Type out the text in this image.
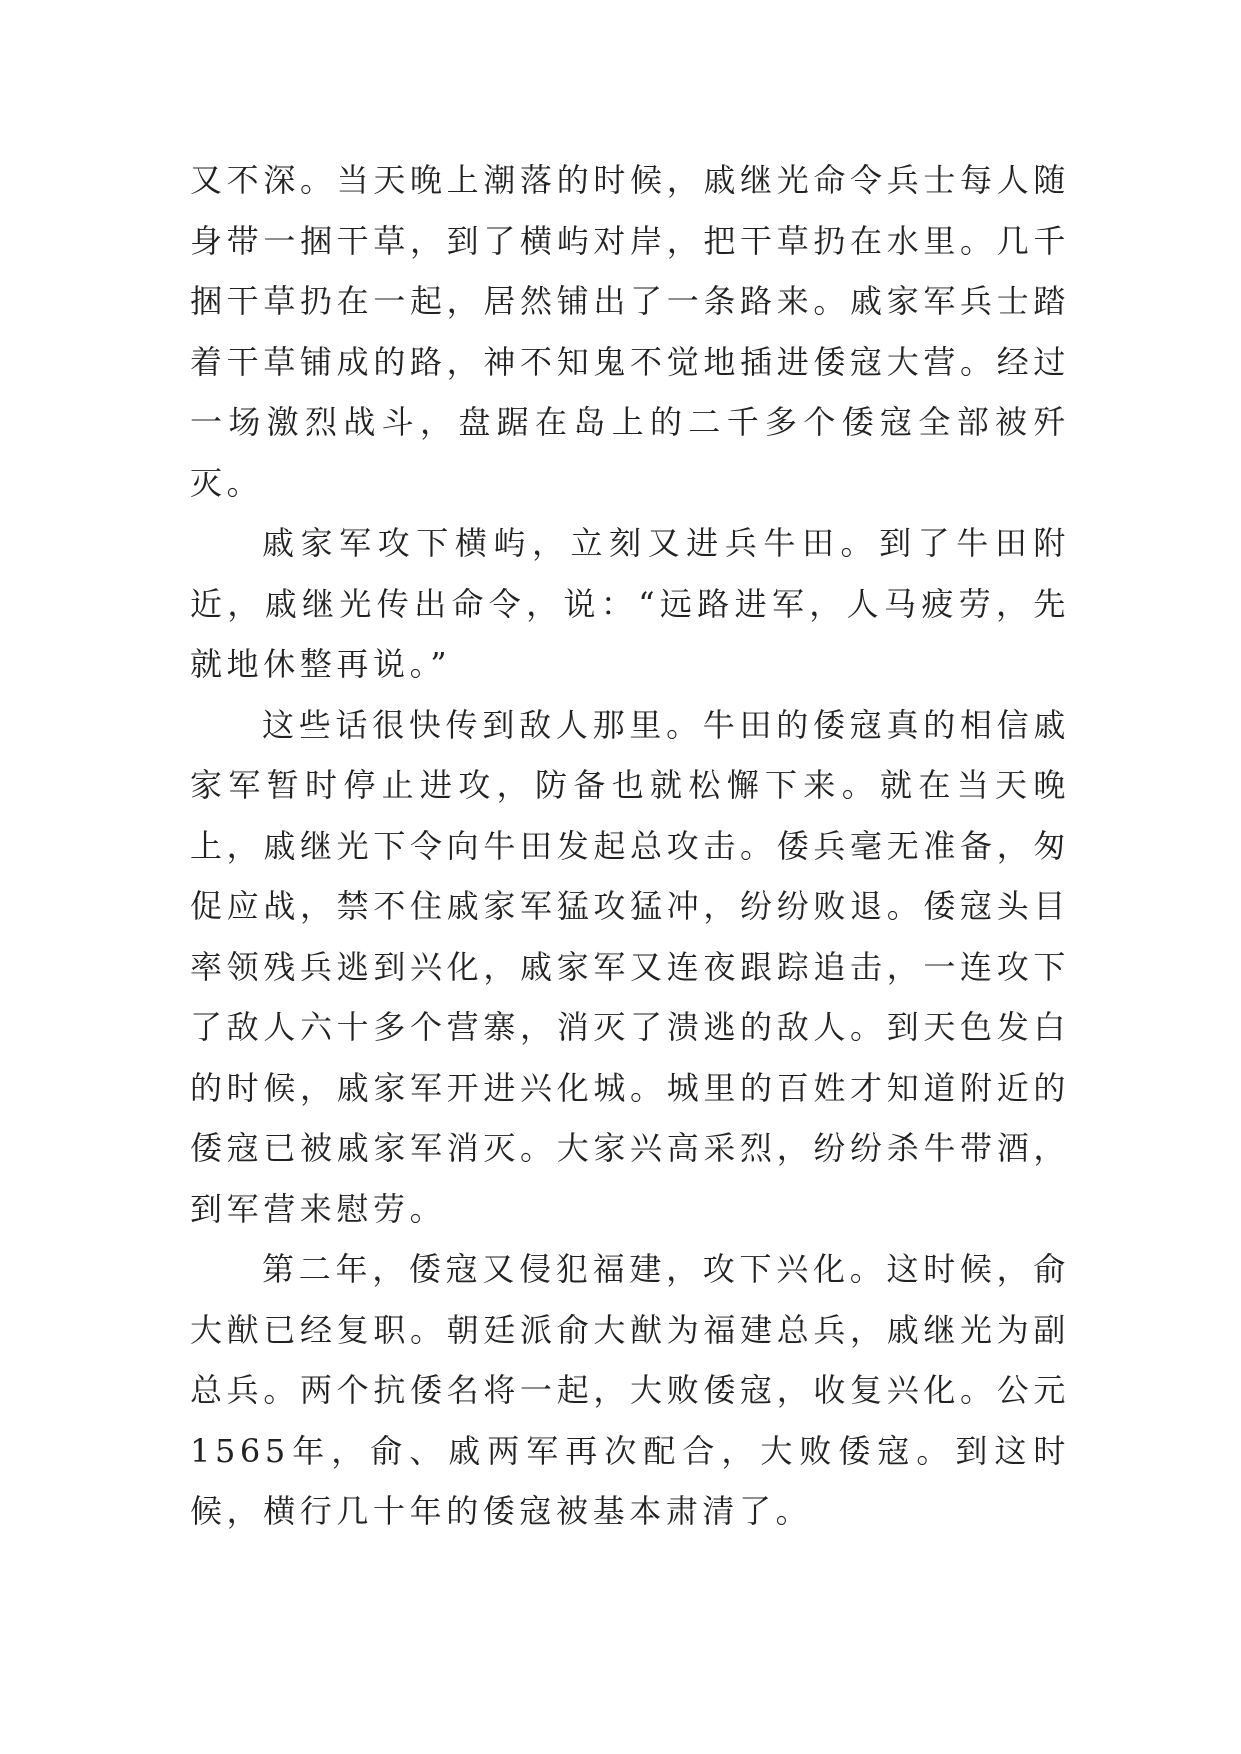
又不深。当天晚上潮落的时候，戚继光命令兵士每人随身带一捆干草，到了横屿对岸，把干草扔在水里。几千捆干草扔在一起，居然铺出了一条路来。戚家军兵士踏着干草铺成的路，神不知鬼不觉地插进倭寇大营。经过一场激烈战斗，盘踞在岛上的二千多个倭寇全部被歼灭。

戚家军攻下横屿，立刻又进兵牛田。到了牛田附近，戚继光传出命令，说：“远路进军，人马疲劳，先就地休整再说。”

这些话很快传到敌人那里。牛田的倭寇真的相信戚家军暂时停止进攻，防备也就松懈下来。就在当天晚上，戚继光下令向牛田发起总攻击。倭兵毫无准备，匆促应战，禁不住戚家军猛攻猛冲，纷纷败退。倭寇头目率领残兵逃到兴化，戚家军又连夜跟踪追击，一连攻下了敌人六十多个营寨，消灭了溃逃的敌人。到天色发白的时候，戚家军开进兴化城。城里的百姓才知道附近的倭寇已被戚家军消灭。大家兴高采烈，纷纷杀牛带酒，到军营来慰劳。

第二年，倭寇又侵犯福建，攻下兴化。这时候，俞大猷已经复职。朝廷派俞大猷为福建总兵，戚继光为副总兵。两个抗倭名将一起，大败倭寇，收复兴化。公元1565年，俞、戚两军再次配合，大败倭寇。到这时候，横行几十年的倭寇被基本肃清了。
